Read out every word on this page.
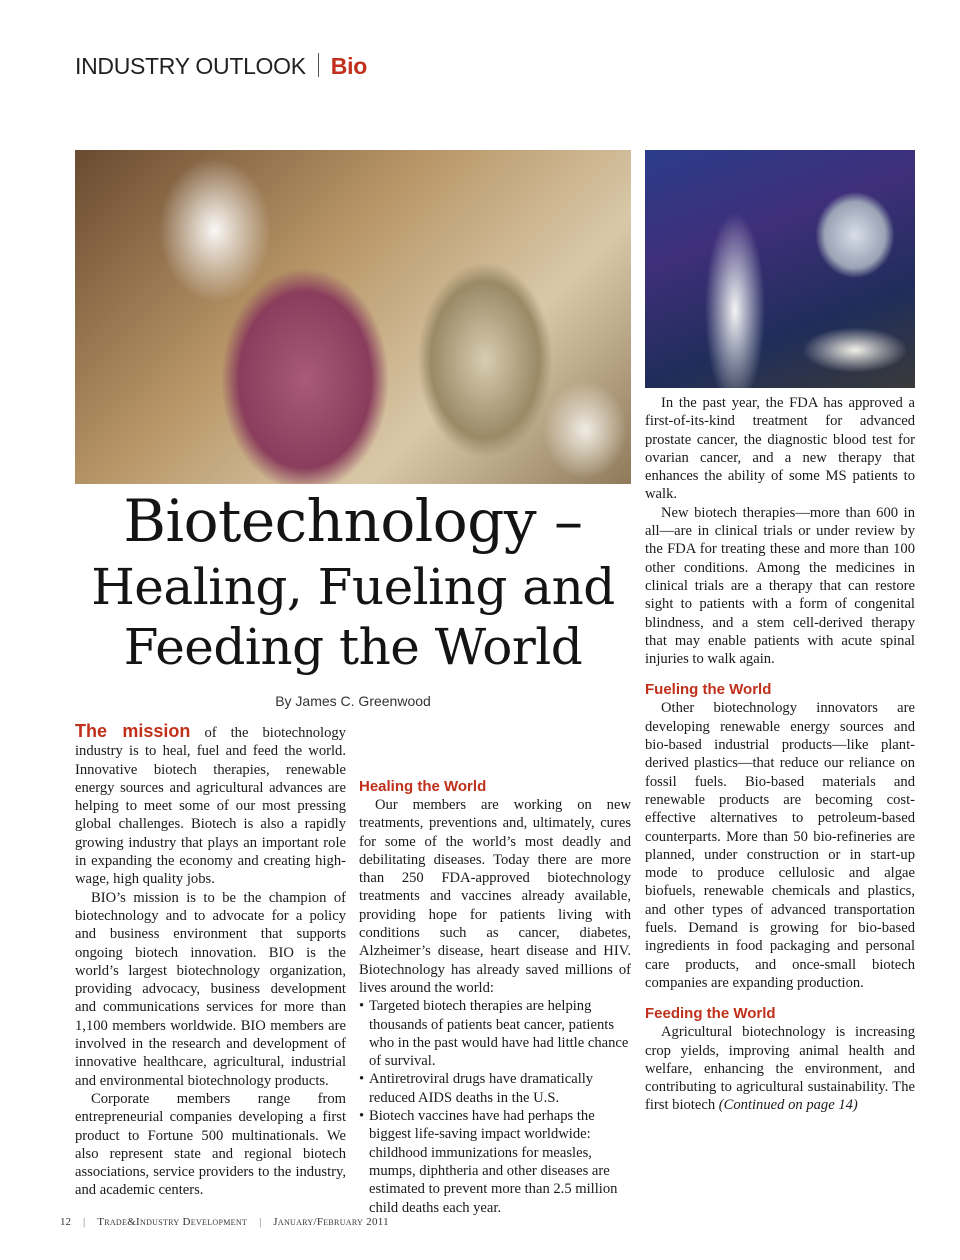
INDUSTRY OUTLOOK Bio
Biotechnology –
Healing, Fueling and
Feeding the World
By James C. Greenwood

The mission of the biotechnology industry is to heal, fuel and feed the world. Innovative biotech therapies, renewable energy sources and agricultural advances are helping to meet some of our most pressing global challenges. Biotech is also a rapidly growing industry that plays an important role in expanding the economy and creating high-wage, high quality jobs.

BIO’s mission is to be the champion of biotechnology and to advocate for a policy and business environment that supports ongoing biotech innovation. BIO is the world’s largest biotechnology organization, providing advocacy, business development and communications services for more than 1,100 members worldwide. BIO members are involved in the research and development of innovative healthcare, agricultural, industrial and environmental biotechnology products.

Corporate members range from entrepreneurial companies developing a first product to Fortune 500 multinationals. We also represent state and regional biotech associations, service providers to the industry, and academic centers.

Healing the World

Our members are working on new treatments, preventions and, ultimately, cures for some of the world’s most deadly and debilitating diseases. Today there are more than 250 FDA-approved biotechnology treatments and vaccines already available, providing hope for patients living with conditions such as cancer, diabetes, Alzheimer’s disease, heart disease and HIV. Biotechnology has already saved millions of lives around the world:

• Targeted biotech therapies are helping thousands of patients beat cancer, patients who in the past would have had little chance of survival.
• Antiretroviral drugs have dramatically reduced AIDS deaths in the U.S.
• Biotech vaccines have had perhaps the biggest life-saving impact worldwide: childhood immunizations for measles, mumps, diphtheria and other diseases are estimated to prevent more than 2.5 million child deaths each year.

In the past year, the FDA has approved a first-of-its-kind treatment for advanced prostate cancer, the diagnostic blood test for ovarian cancer, and a new therapy that enhances the ability of some MS patients to walk.

New biotech therapies—more than 600 in all—are in clinical trials or under review by the FDA for treating these and more than 100 other conditions. Among the medicines in clinical trials are a therapy that can restore sight to patients with a form of congenital blindness, and a stem cell-derived therapy that may enable patients with acute spinal injuries to walk again.

Fueling the World

Other biotechnology innovators are developing renewable energy sources and bio-based industrial products—like plant-derived plastics—that reduce our reliance on fossil fuels. Bio-based materials and renewable products are becoming cost-effective alternatives to petroleum-based counterparts. More than 50 bio-refineries are planned, under construction or in start-up mode to produce cellulosic and algae biofuels, renewable chemicals and plastics, and other types of advanced transportation fuels. Demand is growing for bio-based ingredients in food packaging and personal care products, and once-small biotech companies are expanding production.

Feeding the World

Agricultural biotechnology is increasing crop yields, improving animal health and welfare, enhancing the environment, and contributing to agricultural sustainability. The first biotech (Continued on page 14)

12 | Trade&Industry Development | January/February 2011
